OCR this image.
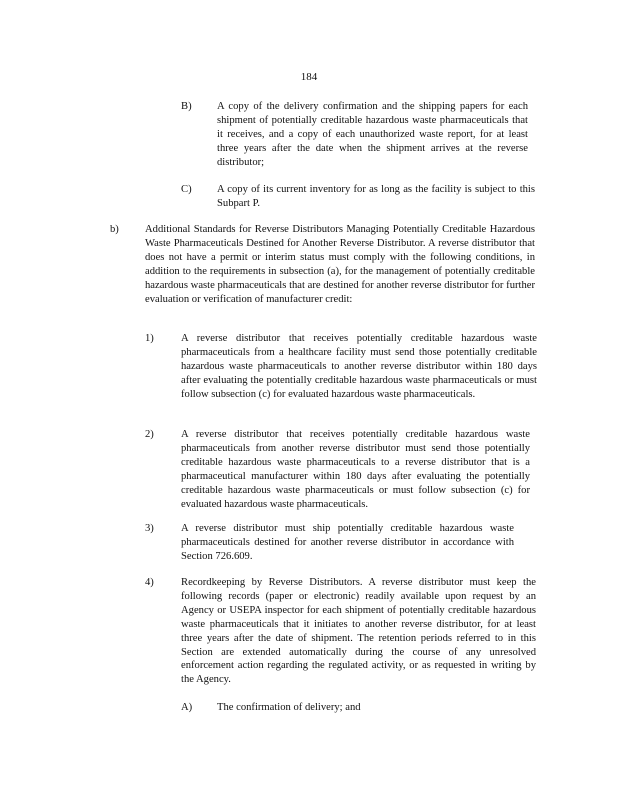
184
B) A copy of the delivery confirmation and the shipping papers for each shipment of potentially creditable hazardous waste pharmaceuticals that it receives, and a copy of each unauthorized waste report, for at least three years after the date when the shipment arrives at the reverse distributor;
C) A copy of its current inventory for as long as the facility is subject to this Subpart P.
b) Additional Standards for Reverse Distributors Managing Potentially Creditable Hazardous Waste Pharmaceuticals Destined for Another Reverse Distributor. A reverse distributor that does not have a permit or interim status must comply with the following conditions, in addition to the requirements in subsection (a), for the management of potentially creditable hazardous waste pharmaceuticals that are destined for another reverse distributor for further evaluation or verification of manufacturer credit:
1)	A reverse distributor that receives potentially creditable hazardous waste pharmaceuticals from a healthcare facility must send those potentially creditable hazardous waste pharmaceuticals to another reverse distributor within 180 days after evaluating the potentially creditable hazardous waste pharmaceuticals or must follow subsection (c) for evaluated hazardous waste pharmaceuticals.
2)	A reverse distributor that receives potentially creditable hazardous waste pharmaceuticals from another reverse distributor must send those potentially creditable hazardous waste pharmaceuticals to a reverse distributor that is a pharmaceutical manufacturer within 180 days after evaluating the potentially creditable hazardous waste pharmaceuticals or must follow subsection (c) for evaluated hazardous waste pharmaceuticals.
3)	A reverse distributor must ship potentially creditable hazardous waste pharmaceuticals destined for another reverse distributor in accordance with Section 726.609.
4)	Recordkeeping by Reverse Distributors. A reverse distributor must keep the following records (paper or electronic) readily available upon request by an Agency or USEPA inspector for each shipment of potentially creditable hazardous waste pharmaceuticals that it initiates to another reverse distributor, for at least three years after the date of shipment. The retention periods referred to in this Section are extended automatically during the course of any unresolved enforcement action regarding the regulated activity, or as requested in writing by the Agency.
A) The confirmation of delivery; and
